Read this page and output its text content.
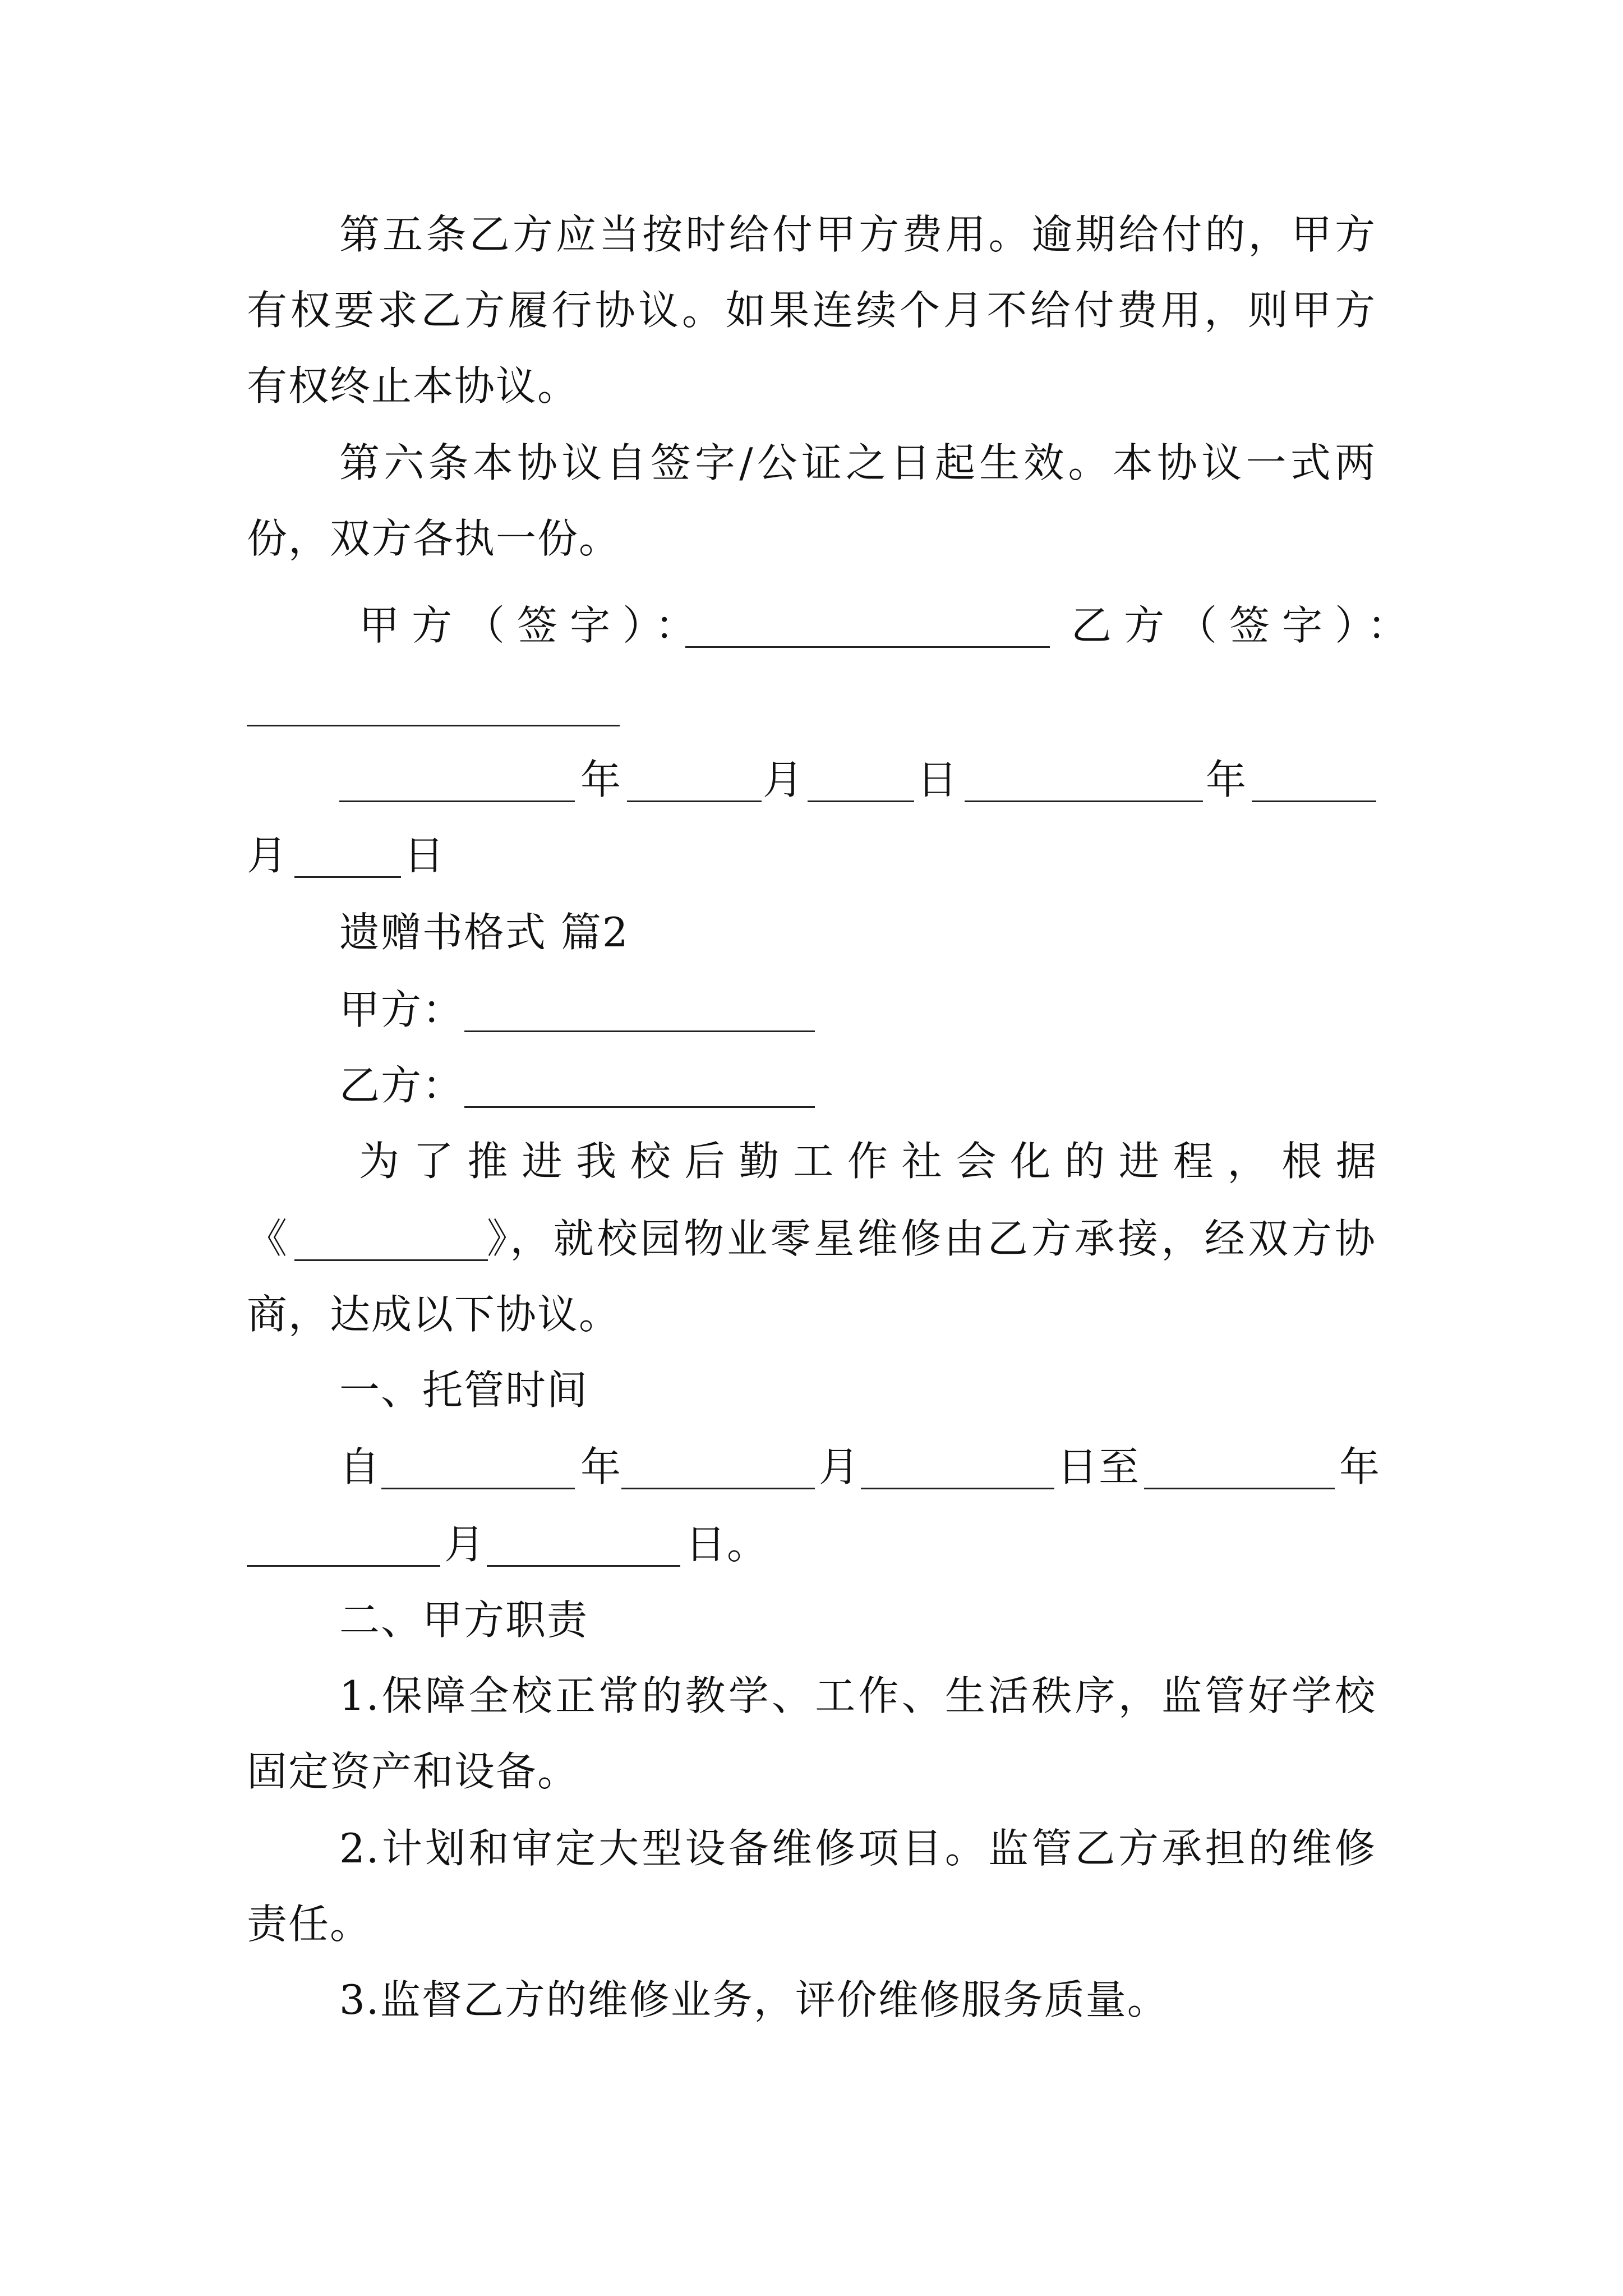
第五条乙方应当按时给付甲方费用。逾期给付的，甲方
有权要求乙方履行协议。如果连续个月不给付费用，则甲方
有权终止本协议。
第六条本协议自签字/公证之日起生效。本协议一式两
份，双方各执一份。
甲方（签字）：	乙方（签字）：
年	月	日	年
月	日
遗赠书格式 篇2
甲方：
乙方：
为了推进我校后勤工作社会化的进程，根据
《	》，就校园物业零星维修由乙方承接，经双方协
商，达成以下协议。
一、托管时间
自	年	月	日至	年
月	日。
二、甲方职责
1.保障全校正常的教学、工作、生活秩序，监管好学校
固定资产和设备。
2.计划和审定大型设备维修项目。监管乙方承担的维修
责任。
3.监督乙方的维修业务，评价维修服务质量。
